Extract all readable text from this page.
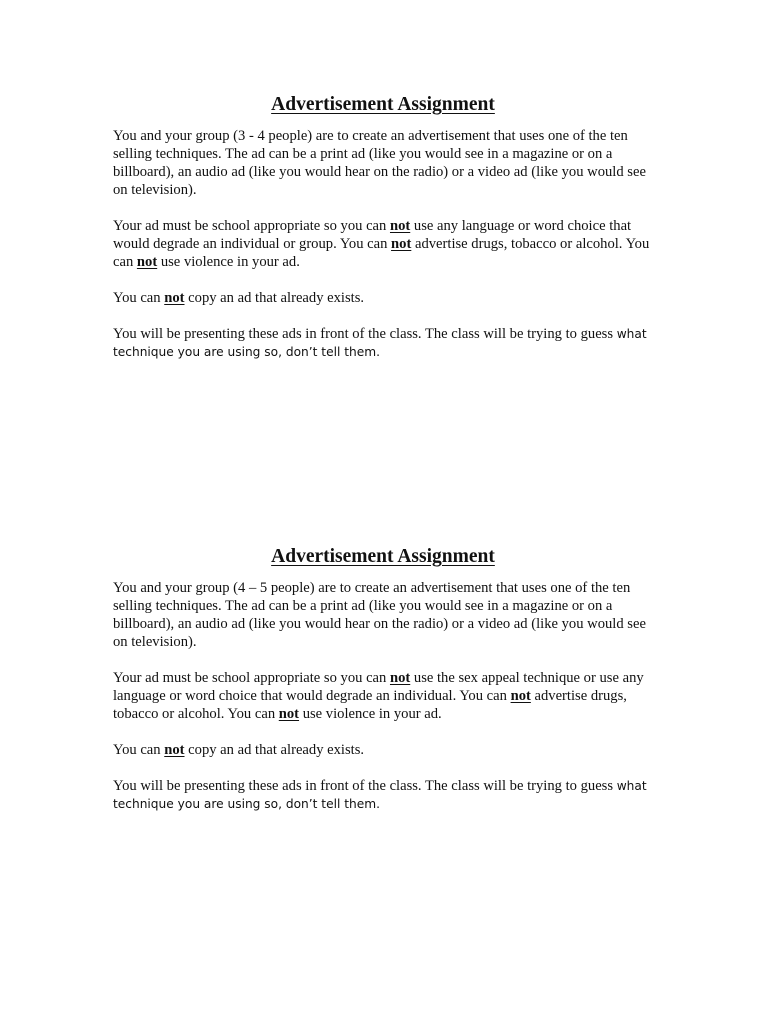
Advertisement Assignment

You and your group (3 - 4 people) are to create an advertisement that uses one of the ten selling techniques. The ad can be a print ad (like you would see in a magazine or on a billboard), an audio ad (like you would hear on the radio) or a video ad (like you would see on television).

Your ad must be school appropriate so you can not use any language or word choice that would degrade an individual or group. You can not advertise drugs, tobacco or alcohol. You can not use violence in your ad.

You can not copy an ad that already exists.

You will be presenting these ads in front of the class. The class will be trying to guess what technique you are using so, don’t tell them.

Advertisement Assignment

You and your group (4 – 5 people) are to create an advertisement that uses one of the ten selling techniques. The ad can be a print ad (like you would see in a magazine or on a billboard), an audio ad (like you would hear on the radio) or a video ad (like you would see on television).

Your ad must be school appropriate so you can not use the sex appeal technique or use any language or word choice that would degrade an individual. You can not advertise drugs, tobacco or alcohol. You can not use violence in your ad.

You can not copy an ad that already exists.

You will be presenting these ads in front of the class. The class will be trying to guess what technique you are using so, don’t tell them.
